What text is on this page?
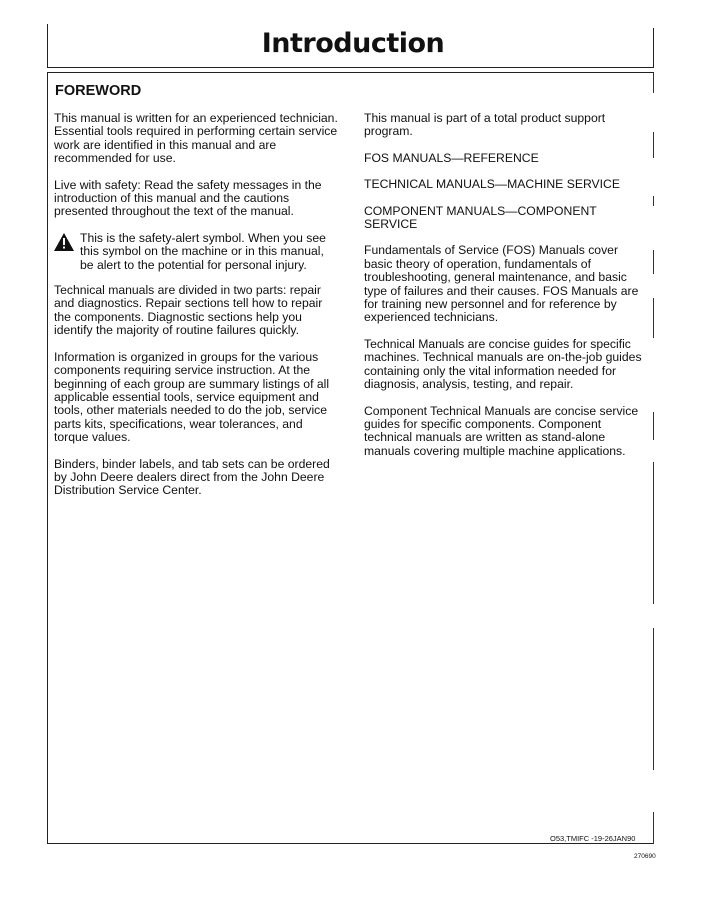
Introduction
FOREWORD

This manual is written for an experienced technician. Essential tools required in performing certain service work are identified in this manual and are recommended for use.

Live with safety: Read the safety messages in the introduction of this manual and the cautions presented throughout the text of the manual.

This is the safety-alert symbol. When you see this symbol on the machine or in this manual, be alert to the potential for personal injury.

Technical manuals are divided in two parts: repair and diagnostics. Repair sections tell how to repair the components. Diagnostic sections help you identify the majority of routine failures quickly.

Information is organized in groups for the various components requiring service instruction. At the beginning of each group are summary listings of all applicable essential tools, service equipment and tools, other materials needed to do the job, service parts kits, specifications, wear tolerances, and torque values.

Binders, binder labels, and tab sets can be ordered by John Deere dealers direct from the John Deere Distribution Service Center.

This manual is part of a total product support program.

FOS MANUALS—REFERENCE

TECHNICAL MANUALS—MACHINE SERVICE

COMPONENT MANUALS—COMPONENT SERVICE

Fundamentals of Service (FOS) Manuals cover basic theory of operation, fundamentals of troubleshooting, general maintenance, and basic type of failures and their causes. FOS Manuals are for training new personnel and for reference by experienced technicians.

Technical Manuals are concise guides for specific machines. Technical manuals are on-the-job guides containing only the vital information needed for diagnosis, analysis, testing, and repair.

Component Technical Manuals are concise service guides for specific components. Component technical manuals are written as stand-alone manuals covering multiple machine applications.

O53,TMIFC -19-26JAN90
270690
